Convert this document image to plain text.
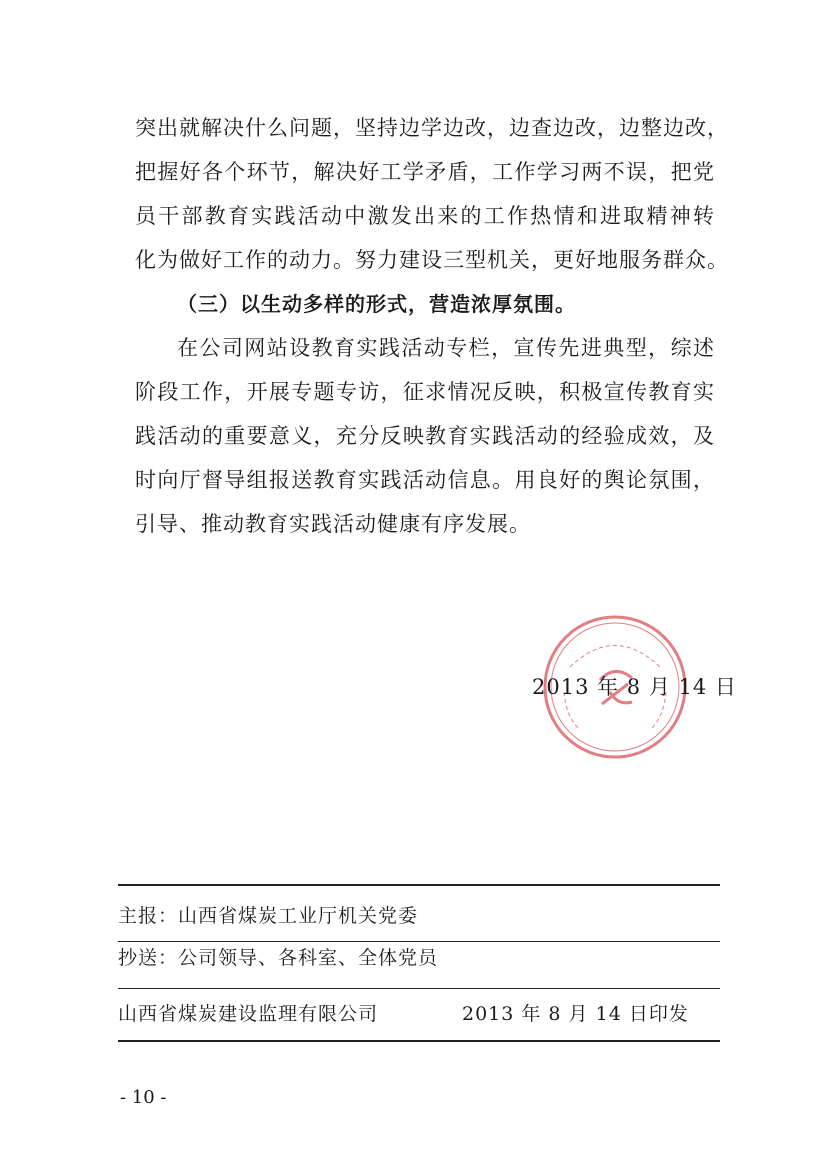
突出就解决什么问题，坚持边学边改，边查边改，边整边改，
把握好各个环节，解决好工学矛盾，工作学习两不误，把党
员干部教育实践活动中激发出来的工作热情和进取精神转
化为做好工作的动力。努力建设三型机关，更好地服务群众。
（三）以生动多样的形式，营造浓厚氛围。
在公司网站设教育实践活动专栏，宣传先进典型，综述
阶段工作，开展专题专访，征求情况反映，积极宣传教育实
践活动的重要意义，充分反映教育实践活动的经验成效，及
时向厅督导组报送教育实践活动信息。用良好的舆论氛围，
引导、推动教育实践活动健康有序发展。
2013 年 8 月 14 日
主报：山西省煤炭工业厅机关党委
抄送：公司领导、各科室、全体党员
山西省煤炭建设监理有限公司	2013 年 8 月 14 日印发
- 10 -
